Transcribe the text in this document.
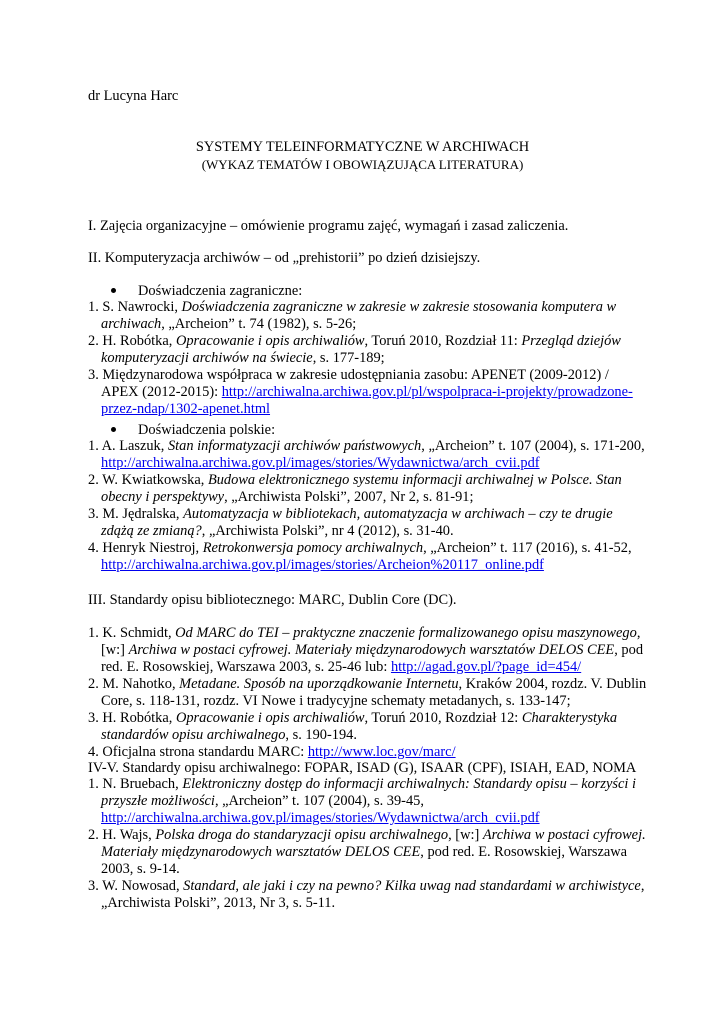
dr Lucyna Harc
SYSTEMY TELEINFORMATYCZNE W ARCHIWACH
(WYKAZ TEMATÓW I OBOWIĄZUJĄCA LITERATURA)
I. Zajęcia organizacyjne – omówienie programu zajęć, wymagań i zasad zaliczenia.
II. Komputeryzacja archiwów – od „prehistorii” po dzień dzisiejszy.
Doświadczenia zagraniczne:
1. S. Nawrocki, Doświadczenia zagraniczne w zakresie w zakresie stosowania komputera w archiwach, „Archeion” t. 74 (1982), s. 5-26;
2. H. Robótka, Opracowanie i opis archiwaliów, Toruń 2010, Rozdział 11: Przegląd dziejów komputeryzacji archiwów na świecie, s. 177-189;
3. Międzynarodowa współpraca w zakresie udostępniania zasobu: APENET (2009-2012) / APEX (2012-2015): http://archiwalna.archiwa.gov.pl/pl/wspolpraca-i-projekty/prowadzone-przez-ndap/1302-apenet.html
Doświadczenia polskie:
1. A. Laszuk, Stan informatyzacji archiwów państwowych, „Archeion” t. 107 (2004), s. 171-200, http://archiwalna.archiwa.gov.pl/images/stories/Wydawnictwa/arch_cvii.pdf
2. W. Kwiatkowska, Budowa elektronicznego systemu informacji archiwalnej w Polsce. Stan obecny i perspektywy, „Archiwista Polski”, 2007, Nr 2, s. 81-91;
3. M. Jędralska, Automatyzacja w bibliotekach, automatyzacja w archiwach – czy te drugie zdążą ze zmianą?, „Archiwista Polski”, nr 4 (2012), s. 31-40.
4. Henryk Niestroj, Retrokonwersja pomocy archiwalnych, „Archeion” t. 117 (2016), s. 41-52, http://archiwalna.archiwa.gov.pl/images/stories/Archeion%20117_online.pdf
III. Standardy opisu bibliotecznego: MARC, Dublin Core (DC).
1. K. Schmidt, Od MARC do TEI – praktyczne znaczenie formalizowanego opisu maszynowego, [w:] Archiwa w postaci cyfrowej. Materiały międzynarodowych warsztatów DELOS CEE, pod red. E. Rosowskiej, Warszawa 2003, s. 25-46 lub: http://agad.gov.pl/?page_id=454/
2. M. Nahotko, Metadane. Sposób na uporządkowanie Internetu, Kraków 2004, rozdz. V. Dublin Core, s. 118-131, rozdz. VI Nowe i tradycyjne schematy metadanych, s. 133-147;
3. H. Robótka, Opracowanie i opis archiwaliów, Toruń 2010, Rozdział 12: Charakterystyka standardów opisu archiwalnego, s. 190-194.
4. Oficjalna strona standardu MARC: http://www.loc.gov/marc/
IV-V. Standardy opisu archiwalnego: FOPAR, ISAD (G), ISAAR (CPF), ISIAH, EAD, NOMA
1. N. Bruebach, Elektroniczny dostęp do informacji archiwalnych: Standardy opisu – korzyści i przyszłe możliwości, „Archeion” t. 107 (2004), s. 39-45, http://archiwalna.archiwa.gov.pl/images/stories/Wydawnictwa/arch_cvii.pdf
2. H. Wajs, Polska droga do standaryzacji opisu archiwalnego, [w:] Archiwa w postaci cyfrowej. Materiały międzynarodowych warsztatów DELOS CEE, pod red. E. Rosowskiej, Warszawa 2003, s. 9-14.
3. W. Nowosad, Standard, ale jaki i czy na pewno? Kilka uwag nad standardami w archiwistyce, „Archiwista Polski”, 2013, Nr 3, s. 5-11.
